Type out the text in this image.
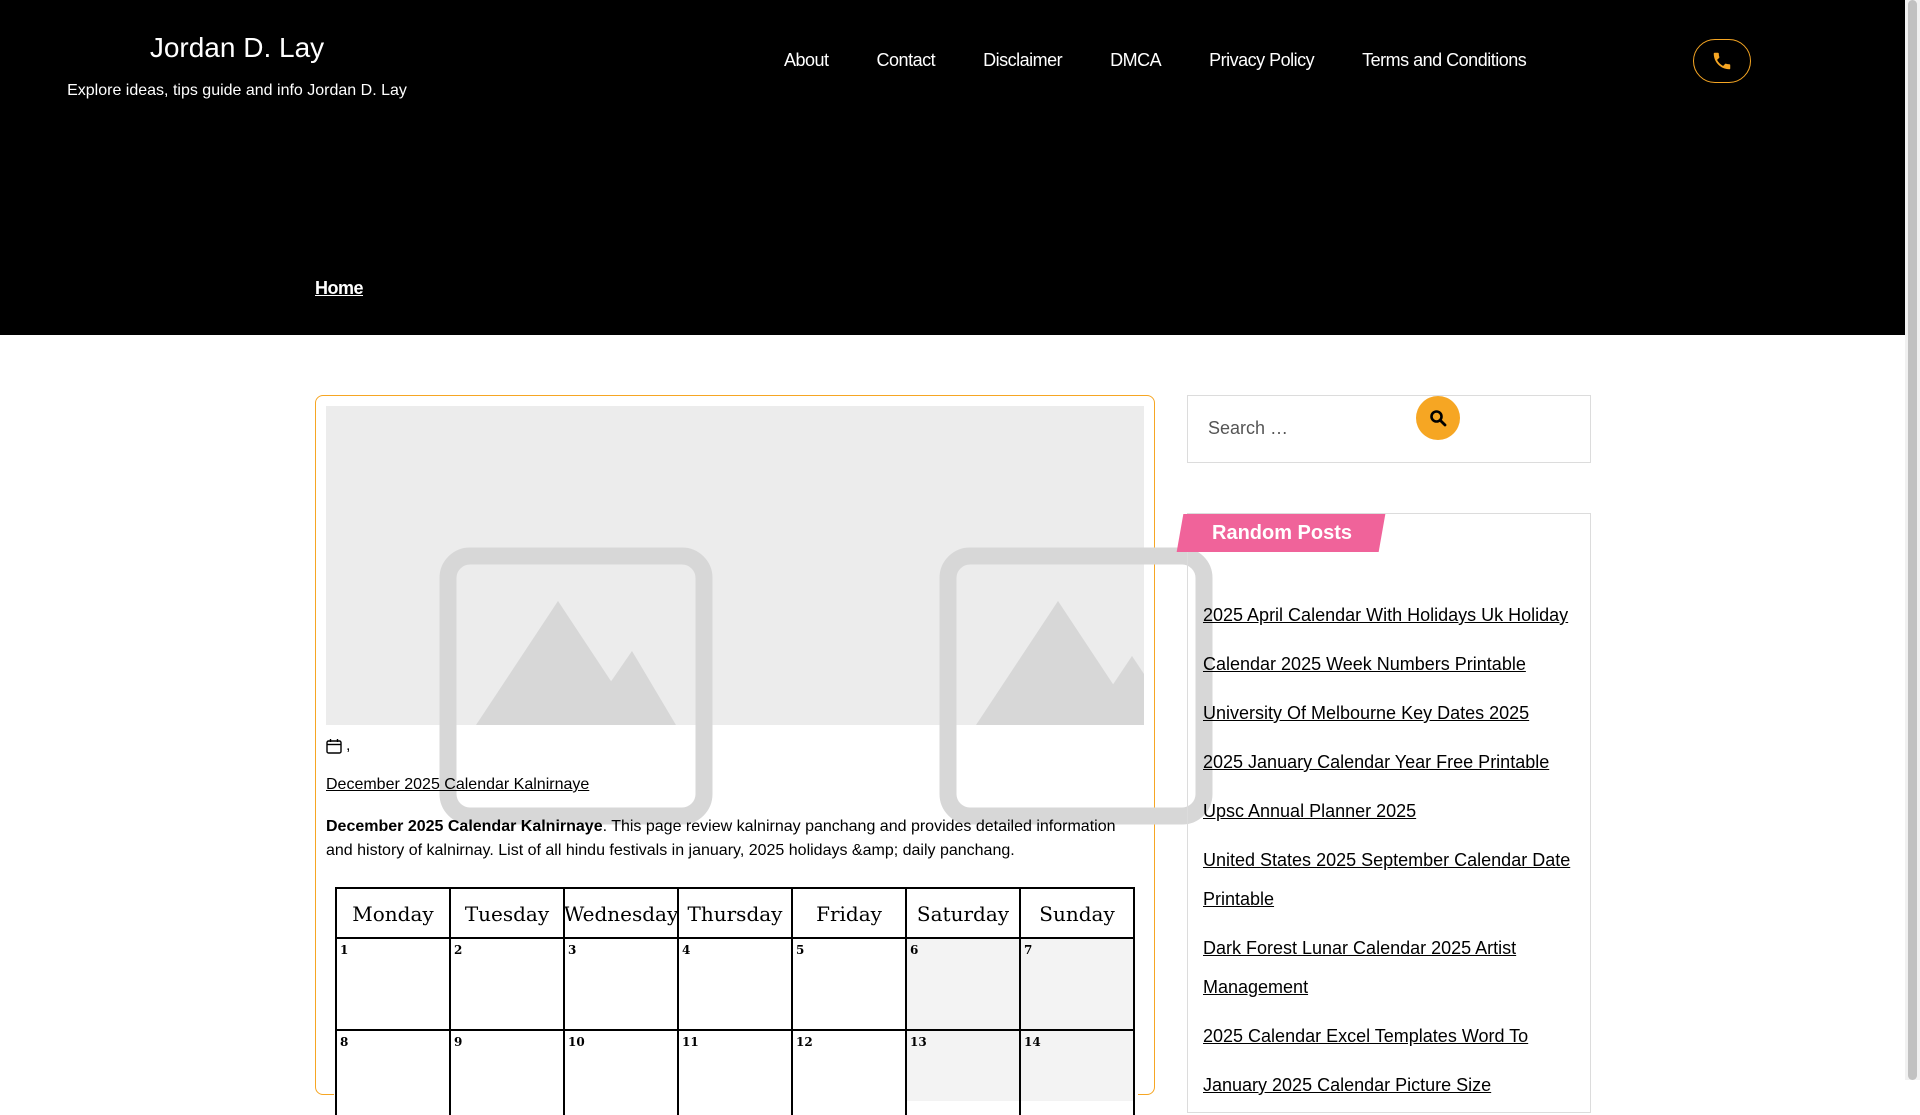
Jordan D. Lay
Explore ideas, tips guide and info Jordan D. Lay
About	Contact	Disclaimer	DMCA	Privacy Policy	Terms and Conditions
Home
,
December 2025 Calendar Kalnirnaye

December 2025 Calendar Kalnirnaye. This page review kalnirnay panchang and provides detailed information and history of kalnirnay. List of all hindu festivals in january, 2025 holidays &amp; daily panchang.

Monday Tuesday Wednesday Thursday Friday Saturday Sunday
1	2	3	4	5	6	7
8	9	10	11	12	13	14
Search …
Random Posts
2025 April Calendar With Holidays Uk Holiday
Calendar 2025 Week Numbers Printable
University Of Melbourne Key Dates 2025
2025 January Calendar Year Free Printable
Upsc Annual Planner 2025
United States 2025 September Calendar Date Printable
Dark Forest Lunar Calendar 2025 Artist Management
2025 Calendar Excel Templates Word To
January 2025 Calendar Picture Size
